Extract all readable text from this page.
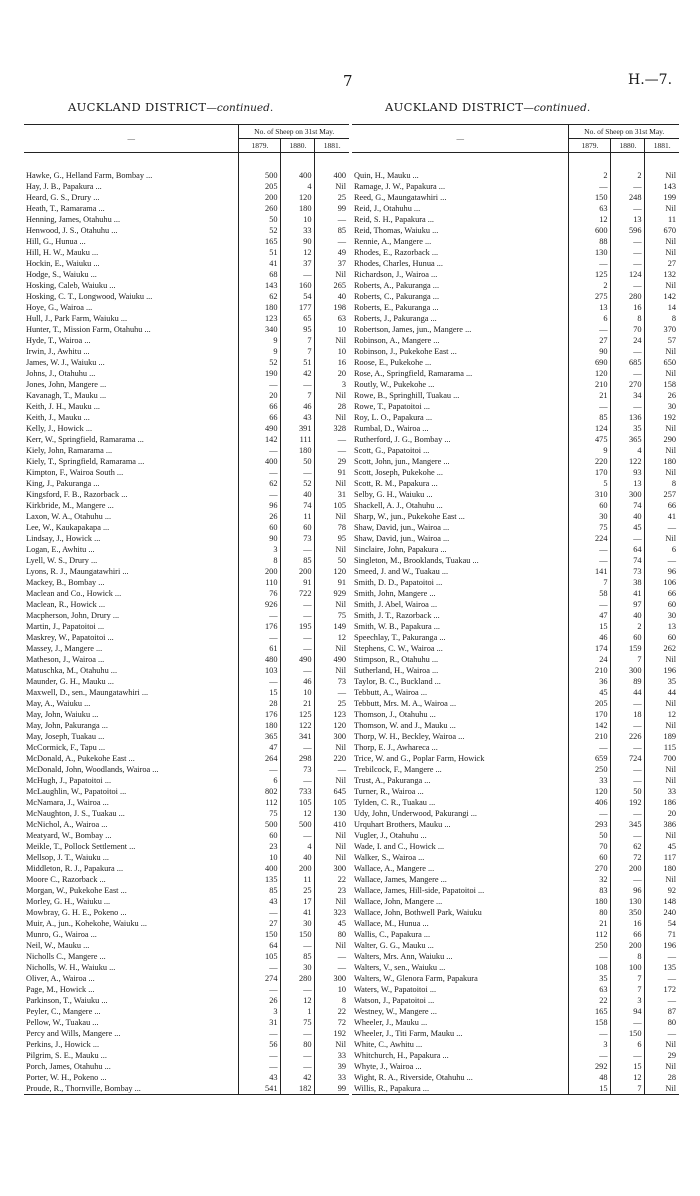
7	H.—7.
AUCKLAND DISTRICT—continued.	AUCKLAND DISTRICT—continued.
—	No. of Sheep on 31st May.		
	1879.	1880.	1881.

Hawke, G., Helland Farm, Bombay ...	500	400	400
Hay, J. B., Papakura ...	205	4	Nil
Heard, G. S., Drury ...	200	120	25
Heath, T., Ramarama ...	260	180	99
Henning, James, Otahuhu ...	50	10	—
Henwood, J. S., Otahuhu ...	52	33	85
Hill, G., Hunua ...	165	90	—
Hill, H. W., Mauku ...	51	12	49
Hockin, E., Waiuku ...	41	37	37
Hodge, S., Waiuku ...	68	—	Nil
Hosking, Caleb, Waiuku ...	143	160	265
Hosking, C. T., Longwood, Waiuku ...	62	54	40
Hoye, G., Wairoa ...	180	177	198
Hull, J., Park Farm, Waiuku ...	123	65	63
Hunter, T., Mission Farm, Otahuhu ...	340	95	10
Hyde, T., Wairoa ...	9	7	Nil
Irwin, J., Awhitu ...	9	7	10
James, W. J., Waiuku ...	52	51	16
Johns, J., Otahuhu ...	190	42	20
Jones, John, Mangere ...	—	—	3
Kavanagh, T., Mauku ...	20	7	Nil
Keith, J. H., Mauku ...	66	46	28
Keith, J., Mauku ...	66	43	Nil
Kelly, J., Howick ...	490	391	328
Kerr, W., Springfield, Ramarama ...	142	111	—
Kiely, John, Ramarama ...	—	180	—
Kiely, T., Springfield, Ramarama ...	400	50	29
Kimpton, F., Wairoa South ...	—	—	91
King, J., Pakuranga ...	62	52	Nil
Kingsford, F. B., Razorback ...	—	40	31
Kirkbride, M., Mangere ...	96	74	105
Laxon, W. A., Otahuhu ...	26	11	Nil
Lee, W., Kaukapakapa ...	60	60	78
Lindsay, J., Howick ...	90	73	95
Logan, E., Awhitu ...	3	—	Nil
Lyell, W. S., Drury ...	8	85	50
Lyons, R. J., Maungatawhiri ...	200	200	120
Mackey, B., Bombay ...	110	91	91
Maclean and Co., Howick ...	76	722	929
Maclean, R., Howick ...	926	—	Nil
Macpherson, John, Drury ...	—	—	75
Martin, J., Papatoitoi ...	176	195	149
Maskrey, W., Papatoitoi ...	—	—	12
Massey, J., Mangere ...	61	—	Nil
Matheson, J., Wairoa ...	480	490	490
Matuschka, M., Otahuhu ...	103	—	Nil
Maunder, G. H., Mauku ...	—	46	73
Maxwell, D., sen., Maungatawhiri ...	15	10	—
May, A., Waiuku ...	28	21	25
May, John, Waiuku ...	176	125	123
May, John, Pakuranga ...	180	122	120
May, Joseph, Tuakau ...	365	341	300
McCormick, F., Tapu ...	47	—	Nil
McDonald, A., Pukekohe East ...	264	298	220
McDonald, John, Woodlands, Wairoa ...	—	73	—
McHugh, J., Papatoitoi ...	6	—	Nil
McLaughlin, W., Papatoitoi ...	802	733	645
McNamara, J., Wairoa ...	112	105	105
McNaughton, J. S., Tuakau ...	75	12	130
McNichol, A., Wairoa ...	500	500	410
Meatyard, W., Bombay ...	60	—	Nil
Meikle, T., Pollock Settlement ...	23	4	Nil
Mellsop, J. T., Waiuku ...	10	40	Nil
Middleton, R. J., Papakura ...	400	200	300
Moore C., Razorback ...	135	11	22
Morgan, W., Pukekohe East ...	85	25	23
Morley, G. H., Waiuku ...	43	17	Nil
Mowbray, G. H. E., Pokeno ...	—	41	323
Muir, A., jun., Kohekohe, Waiuku ...	27	30	45
Munro, G., Wairoa ...	150	150	80
Neil, W., Mauku ...	64	—	Nil
Nicholls C., Mangere ...	105	85	—
Nicholls, W. H., Waiuku ...	—	30	—
Oliver, A., Wairoa ...	274	280	300
Page, M., Howick ...	—	—	10
Parkinson, T., Waiuku ...	26	12	8
Peyler, C., Mangere ...	3	1	22
Pellow, W., Tuakau ...	31	75	72
Percy and Wills, Mangere ...	—	—	192
Perkins, J., Howick ...	56	80	Nil
Pilgrim, S. E., Mauku ...	—	—	33
Porch, James, Otahuhu ...	—	—	39
Porter, W. H., Pokeno ...	43	42	33
Proude, R., Thornville, Bombay ...	541	182	99
—	No. of Sheep on 31st May.		
	1879.	1880.	1881.

Quin, H., Mauku ...	2	2	Nil
Ramage, J. W., Papakura ...	—	—	143
Reed, G., Maungatawhiri ...	150	248	199
Reid, J., Otahuhu ...	63	—	Nil
Reid, S. H., Papakura ...	12	13	11
Reid, Thomas, Waiuku ...	600	596	670
Rennie, A., Mangere ...	88	—	Nil
Rhodes, E., Razorback ...	130	—	Nil
Rhodes, Charles, Hunua ...	—	—	27
Richardson, J., Wairoa ...	125	124	132
Roberts, A., Pakuranga ...	2	—	Nil
Roberts, C., Pakuranga ...	275	280	142
Roberts, E., Pakuranga ...	13	16	14
Roberts, J., Pakuranga ...	6	8	8
Robertson, James, jun., Mangere ...	—	70	370
Robinson, A., Mangere ...	27	24	57
Robinson, J., Pukekohe East ...	90	—	Nil
Roose, E., Pukekohe ...	690	685	650
Rose, A., Springfield, Ramarama ...	120	—	Nil
Routly, W., Pukekohe ...	210	270	158
Rowe, B., Springhill, Tuakau ...	21	34	26
Rowe, T., Papatoitoi ...	—	—	30
Roy, L. O., Papakura ...	85	136	192
Rumbal, D., Wairoa ...	124	35	Nil
Rutherford, J. G., Bombay ...	475	365	290
Scott, G., Papatoitoi ...	9	4	Nil
Scott, John, jun., Mangere ...	220	122	180
Scott, Joseph, Pukekohe ...	170	93	Nil
Scott, R. M., Papakura ...	5	13	8
Selby, G. H., Waiuku ...	310	300	257
Shackell, A. J., Otahuhu ...	60	74	66
Sharp, W., jun., Pukekohe East ...	30	40	41
Shaw, David, jun., Wairoa ...	75	45	—
Shaw, David, jun., Wairoa ...	224	—	Nil
Sinclaire, John, Papakura ...	—	64	6
Singleton, M., Brooklands, Tuakau ...	—	74	—
Smeed, J. and W., Tuakau ...	141	73	96
Smith, D. D., Papatoitoi ...	7	38	106
Smith, John, Mangere ...	58	41	66
Smith, J. Abel, Wairoa ...	—	97	60
Smith, J. T., Razorback ...	47	40	30
Smith, W. B., Papakura ...	15	2	13
Speechlay, T., Pakuranga ...	46	60	60
Stephens, C. W., Wairoa ...	174	159	262
Stimpson, R., Otahuhu ...	24	7	Nil
Sutherland, H., Wairoa ...	210	300	196
Taylor, B. C., Buckland ...	36	89	35
Tebbutt, A., Wairoa ...	45	44	44
Tebbutt, Mrs. M. A., Wairoa ...	205	—	Nil
Thomson, J., Otahuhu ...	170	18	12
Thomson, W. and J., Mauku ...	142	—	Nil
Thorp, W. H., Beckley, Wairoa ...	210	226	189
Thorp, E. J., Awhareca ...	—	—	115
Trice, W. and G., Poplar Farm, Howick	659	724	700
Trebilcock, F., Mangere ...	250	—	Nil
Trust, A., Pakuranga ...	33	—	Nil
Turner, R., Wairoa ...	120	50	33
Tylden, C. R., Tuakau ...	406	192	186
Udy, John, Underwood, Pakurangi ...	—	—	20
Urquhart Brothers, Mauku ...	293	345	386
Vugler, J., Otahuhu ...	50	—	Nil
Wade, I. and C., Howick ...	70	62	45
Walker, S., Wairoa ...	60	72	117
Wallace, A., Mangere ...	270	200	180
Wallace, James, Mangere ...	32	—	Nil
Wallace, James, Hill-side, Papatoitoi ...	83	96	92
Wallace, John, Mangere ...	180	130	148
Wallace, John, Bothwell Park, Waiuku	80	350	240
Wallace, M., Hunua ...	21	16	54
Wallis, C., Papakura ...	112	66	71
Walter, G. G., Mauku ...	250	200	196
Walters, Mrs. Ann, Waiuku ...	—	8	—
Walters, V., sen., Waiuku ...	108	100	135
Walters, W., Glenora Farm, Papakura	35	7	—
Waters, W., Papatoitoi ...	63	7	172
Watson, J., Papatoitoi ...	22	3	—
Westney, W., Mangere ...	165	94	87
Wheeler, J., Mauku ...	158	—	80
Wheeler, J., Titi Farm, Mauku ...	—	150	—
White, C., Awhitu ...	3	6	Nil
Whitchurch, H., Papakura ...	—	—	29
Whyte, J., Wairoa ...	292	15	Nil
Wight, R. A., Riverside, Otahuhu ...	48	12	28
Willis, R., Papakura ...	15	7	Nil
